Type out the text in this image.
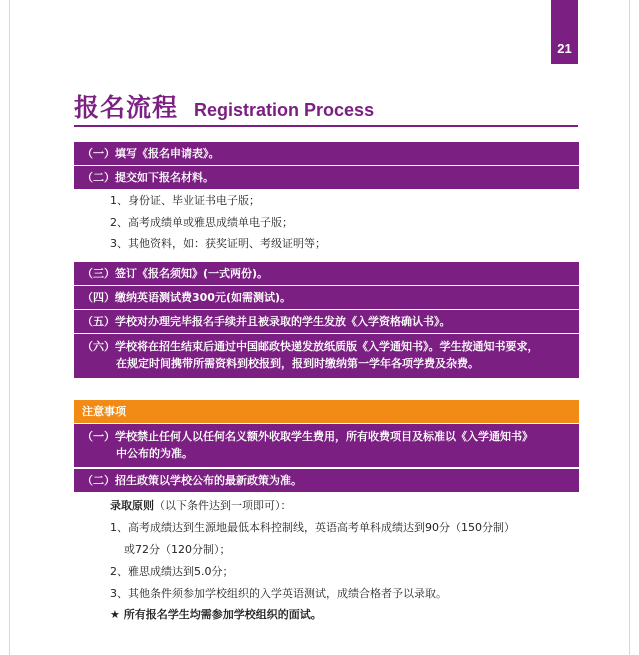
21
报名流程 Registration Process
（一）填写《报名申请表》。
（二）提交如下报名材料。
1、身份证、毕业证书电子版；
2、高考成绩单或雅思成绩单电子版；
3、其他资料，如：获奖证明、考级证明等；
（三）签订《报名须知》(一式两份)。
（四）缴纳英语测试费300元(如需测试)。
（五）学校对办理完毕报名手续并且被录取的学生发放《入学资格确认书》。
（六）学校将在招生结束后通过中国邮政快递发放纸质版《入学通知书》。学生按通知书要求，
在规定时间携带所需资料到校报到，报到时缴纳第一学年各项学费及杂费。
注意事项
（一）学校禁止任何人以任何名义额外收取学生费用，所有收费项目及标准以《入学通知书》
中公布的为准。
（二）招生政策以学校公布的最新政策为准。
录取原则（以下条件达到一项即可）：
1、高考成绩达到生源地最低本科控制线，英语高考单科成绩达到90分（150分制）
或72分（120分制）；
2、雅思成绩达到5.0分；
3、其他条件须参加学校组织的入学英语测试，成绩合格者予以录取。
★ 所有报名学生均需参加学校组织的面试。
